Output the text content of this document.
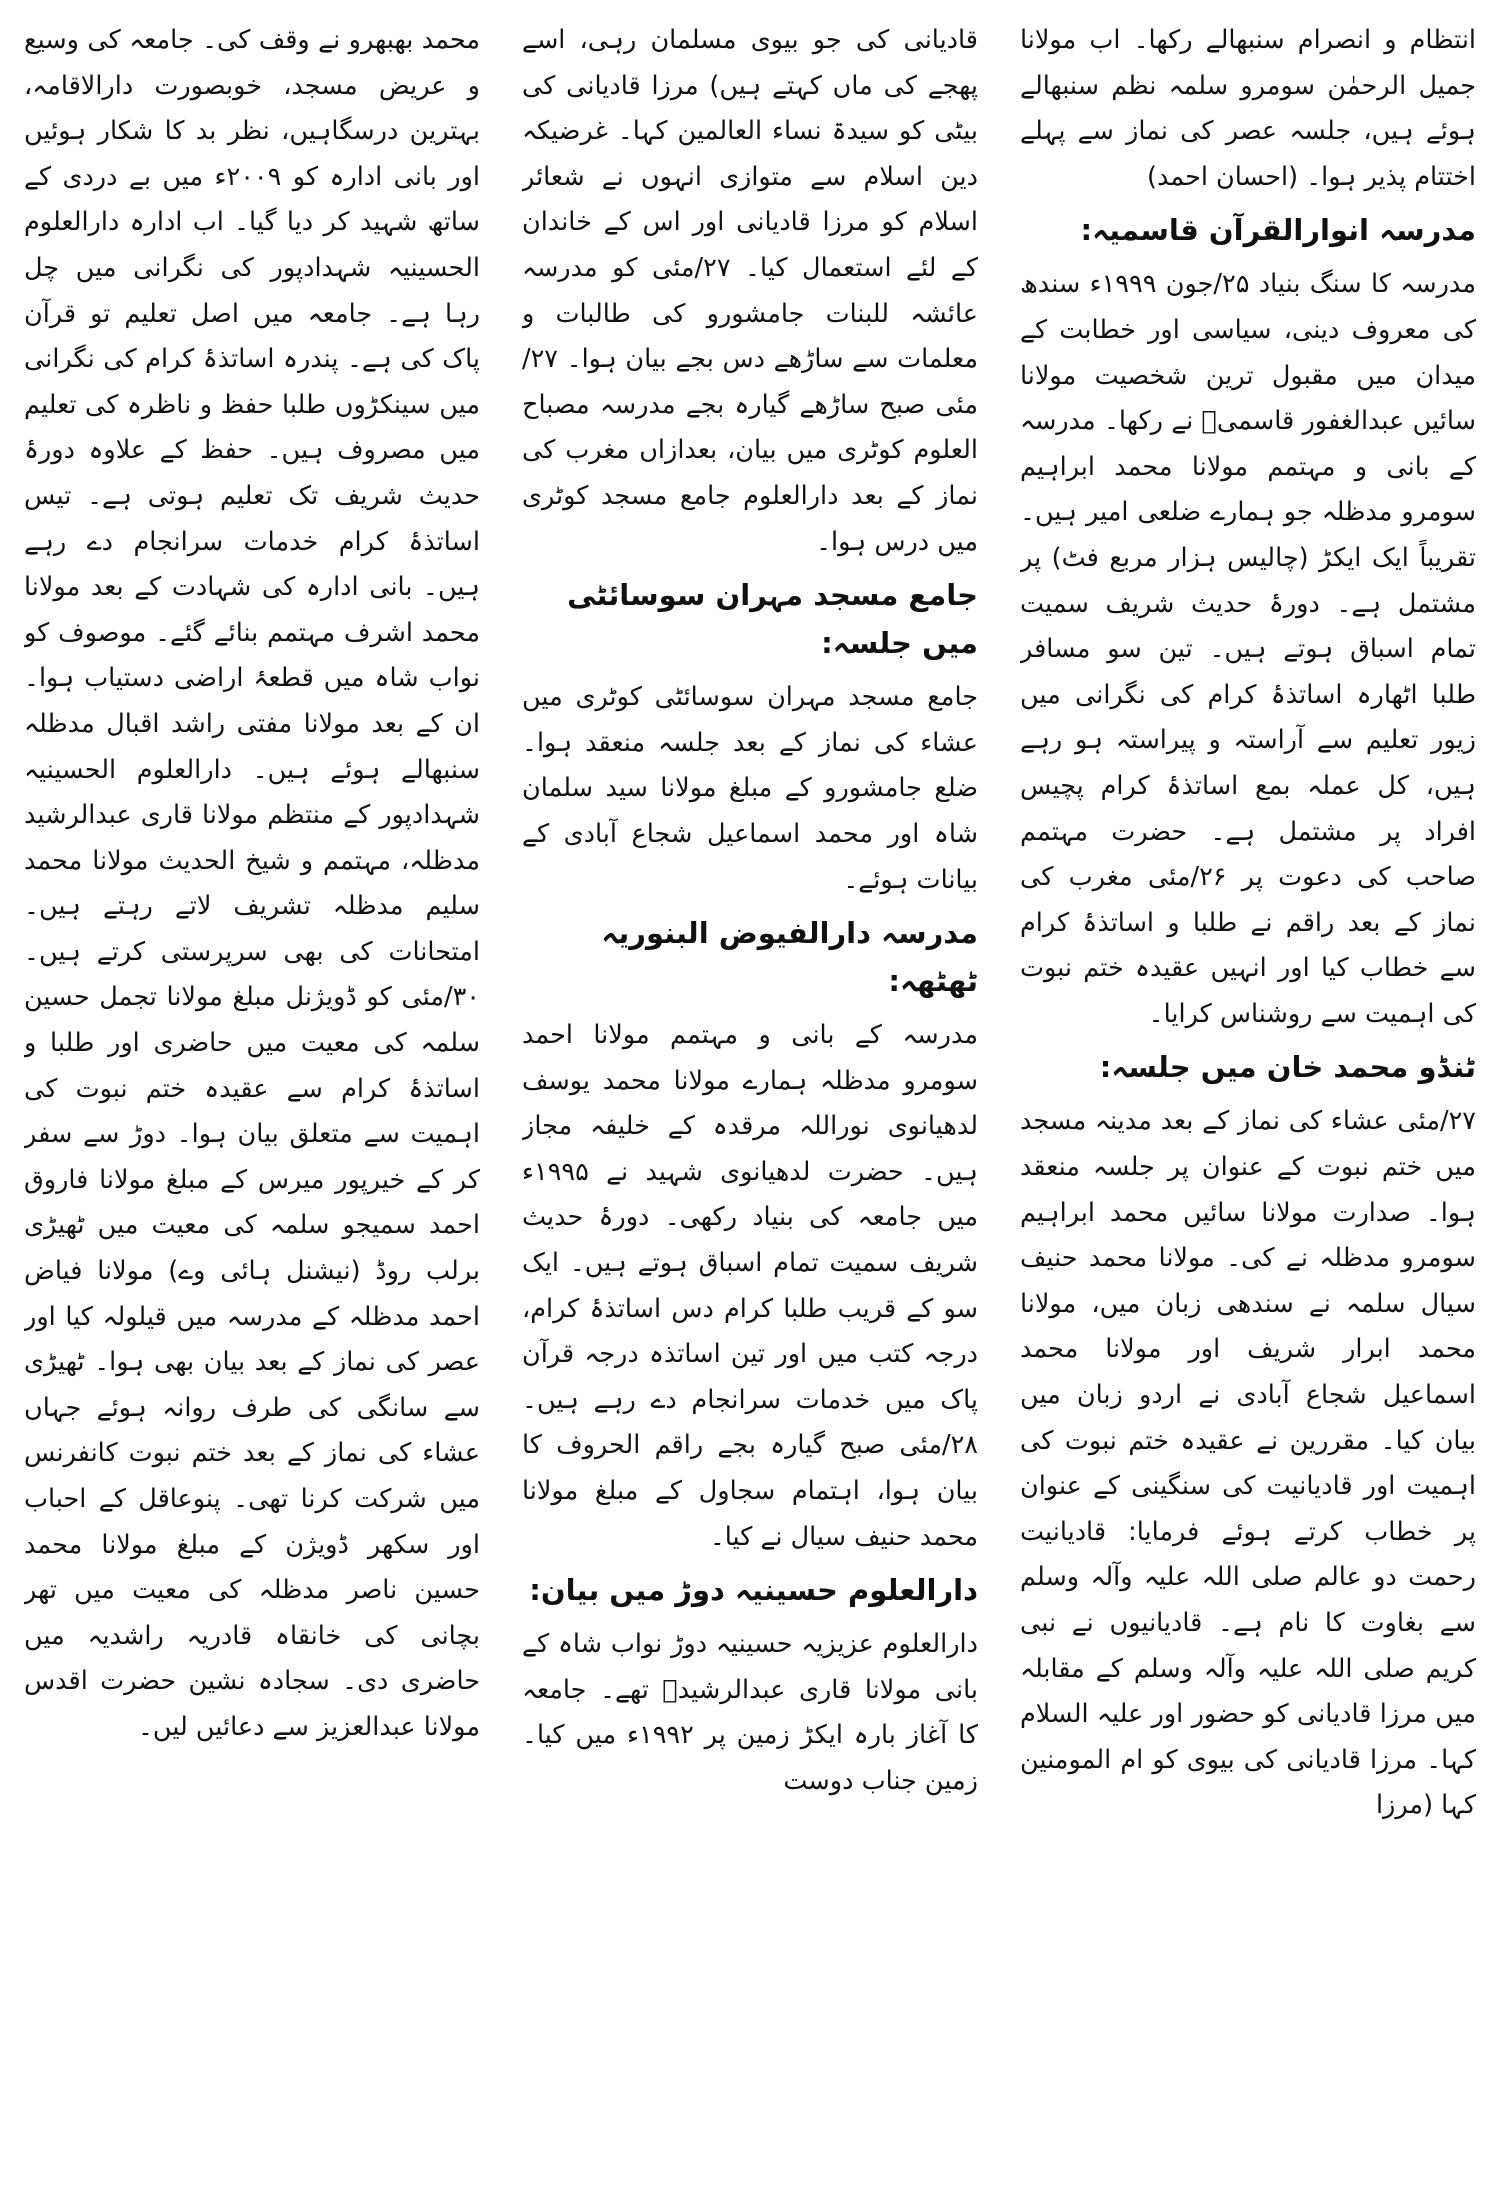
انتظام و انصرام سنبھالے رکھا۔ اب مولانا جمیل الرحمٰن سومرو سلمہ نظم سنبھالے ہوئے ہیں، جلسہ عصر کی نماز سے پہلے اختتام پذیر ہوا۔ (احسان احمد)

مدرسہ انوارالقرآن قاسمیہ:

مدرسہ کا سنگ بنیاد ۲۵/جون ۱۹۹۹ء سندھ کی معروف دینی، سیاسی اور خطابت کے میدان میں مقبول ترین شخصیت مولانا سائیں عبدالغفور قاسمیؒ نے رکھا۔ مدرسہ کے بانی و مہتمم مولانا محمد ابراہیم سومرو مدظلہ جو ہمارے ضلعی امیر ہیں۔ تقریباً ایک ایکڑ (چالیس ہزار مربع فٹ) پر مشتمل ہے۔ دورۂ حدیث شریف سمیت تمام اسباق ہوتے ہیں۔ تین سو مسافر طلبا اٹھارہ اساتذۂ کرام کی نگرانی میں زیور تعلیم سے آراستہ و پیراستہ ہو رہے ہیں، کل عملہ بمع اساتذۂ کرام پچیس افراد پر مشتمل ہے۔ حضرت مہتمم صاحب کی دعوت پر ۲۶/مئی مغرب کی نماز کے بعد راقم نے طلبا و اساتذۂ کرام سے خطاب کیا اور انہیں عقیدہ ختم نبوت کی اہمیت سے روشناس کرایا۔

ٹنڈو محمد خان میں جلسہ:

۲۷/مئی عشاء کی نماز کے بعد مدینہ مسجد میں ختم نبوت کے عنوان پر جلسہ منعقد ہوا۔ صدارت مولانا سائیں محمد ابراہیم سومرو مدظلہ نے کی۔ مولانا محمد حنیف سیال سلمہ نے سندھی زبان میں، مولانا محمد ابرار شریف اور مولانا محمد اسماعیل شجاع آبادی نے اردو زبان میں بیان کیا۔ مقررین نے عقیدہ ختم نبوت کی اہمیت اور قادیانیت کی سنگینی کے عنوان پر خطاب کرتے ہوئے فرمایا: قادیانیت رحمت دو عالم صلی اللہ علیہ وآلہ وسلم سے بغاوت کا نام ہے۔ قادیانیوں نے نبی کریم صلی اللہ علیہ وآلہ وسلم کے مقابلہ میں مرزا قادیانی کو حضور اور علیہ السلام کہا۔ مرزا قادیانی کی بیوی کو ام المومنین کہا (مرزا

قادیانی کی جو بیوی مسلمان رہی، اسے پھجے کی ماں کہتے ہیں) مرزا قادیانی کی بیٹی کو سیدۃ نساء العالمین کہا۔ غرضیکہ دین اسلام سے متوازی انہوں نے شعائر اسلام کو مرزا قادیانی اور اس کے خاندان کے لئے استعمال کیا۔ ۲۷/مئی کو مدرسہ عائشہ للبنات جامشورو کی طالبات و معلمات سے ساڑھے دس بجے بیان ہوا۔ ۲۷/مئی صبح ساڑھے گیارہ بجے مدرسہ مصباح العلوم کوٹری میں بیان، بعدازاں مغرب کی نماز کے بعد دارالعلوم جامع مسجد کوٹری میں درس ہوا۔

جامع مسجد مہران سوسائٹی میں جلسہ:

جامع مسجد مہران سوسائٹی کوٹری میں عشاء کی نماز کے بعد جلسہ منعقد ہوا۔ ضلع جامشورو کے مبلغ مولانا سید سلمان شاہ اور محمد اسماعیل شجاع آبادی کے بیانات ہوئے۔

مدرسہ دارالفیوض البنوریہ ٹھٹھہ:

مدرسہ کے بانی و مہتمم مولانا احمد سومرو مدظلہ ہمارے مولانا محمد یوسف لدھیانوی نوراللہ مرقدہ کے خلیفہ مجاز ہیں۔ حضرت لدھیانوی شہید نے ۱۹۹۵ء میں جامعہ کی بنیاد رکھی۔ دورۂ حدیث شریف سمیت تمام اسباق ہوتے ہیں۔ ایک سو کے قریب طلبا کرام دس اساتذۂ کرام، درجہ کتب میں اور تین اساتذہ درجہ قرآن پاک میں خدمات سرانجام دے رہے ہیں۔ ۲۸/مئی صبح گیارہ بجے راقم الحروف کا بیان ہوا، اہتمام سجاول کے مبلغ مولانا محمد حنیف سیال نے کیا۔

دارالعلوم حسینیہ دوڑ میں بیان:

دارالعلوم عزیزیہ حسینیہ دوڑ نواب شاہ کے بانی مولانا قاری عبدالرشیدؒ تھے۔ جامعہ کا آغاز بارہ ایکڑ زمین پر ۱۹۹۲ء میں کیا۔ زمین جناب دوست

محمد بھبھرو نے وقف کی۔ جامعہ کی وسیع و عریض مسجد، خوبصورت دارالاقامہ، بہترین درسگاہیں، نظر بد کا شکار ہوئیں اور بانی ادارہ کو ۲۰۰۹ء میں بے دردی کے ساتھ شہید کر دیا گیا۔ اب ادارہ دارالعلوم الحسینیہ شہدادپور کی نگرانی میں چل رہا ہے۔ جامعہ میں اصل تعلیم تو قرآن پاک کی ہے۔ پندرہ اساتذۂ کرام کی نگرانی میں سینکڑوں طلبا حفظ و ناظرہ کی تعلیم میں مصروف ہیں۔ حفظ کے علاوہ دورۂ حدیث شریف تک تعلیم ہوتی ہے۔ تیس اساتذۂ کرام خدمات سرانجام دے رہے ہیں۔ بانی ادارہ کی شہادت کے بعد مولانا محمد اشرف مہتمم بنائے گئے۔ موصوف کو نواب شاہ میں قطعۂ اراضی دستیاب ہوا۔ ان کے بعد مولانا مفتی راشد اقبال مدظلہ سنبھالے ہوئے ہیں۔ دارالعلوم الحسینیہ شہدادپور کے منتظم مولانا قاری عبدالرشید مدظلہ، مہتمم و شیخ الحدیث مولانا محمد سلیم مدظلہ تشریف لاتے رہتے ہیں۔ امتحانات کی بھی سرپرستی کرتے ہیں۔ ۳۰/مئی کو ڈویژنل مبلغ مولانا تجمل حسین سلمہ کی معیت میں حاضری اور طلبا و اساتذۂ کرام سے عقیدہ ختم نبوت کی اہمیت سے متعلق بیان ہوا۔ دوڑ سے سفر کر کے خیرپور میرس کے مبلغ مولانا فاروق احمد سمیجو سلمہ کی معیت میں ٹھیڑی برلب روڈ (نیشنل ہائی وے) مولانا فیاض احمد مدظلہ کے مدرسہ میں قیلولہ کیا اور عصر کی نماز کے بعد بیان بھی ہوا۔ ٹھیڑی سے سانگی کی طرف روانہ ہوئے جہاں عشاء کی نماز کے بعد ختم نبوت کانفرنس میں شرکت کرنا تھی۔ پنوعاقل کے احباب اور سکھر ڈویژن کے مبلغ مولانا محمد حسین ناصر مدظلہ کی معیت میں تھر بچانی کی خانقاہ قادریہ راشدیہ میں حاضری دی۔ سجادہ نشین حضرت اقدس مولانا عبدالعزیز سے دعائیں لیں۔
